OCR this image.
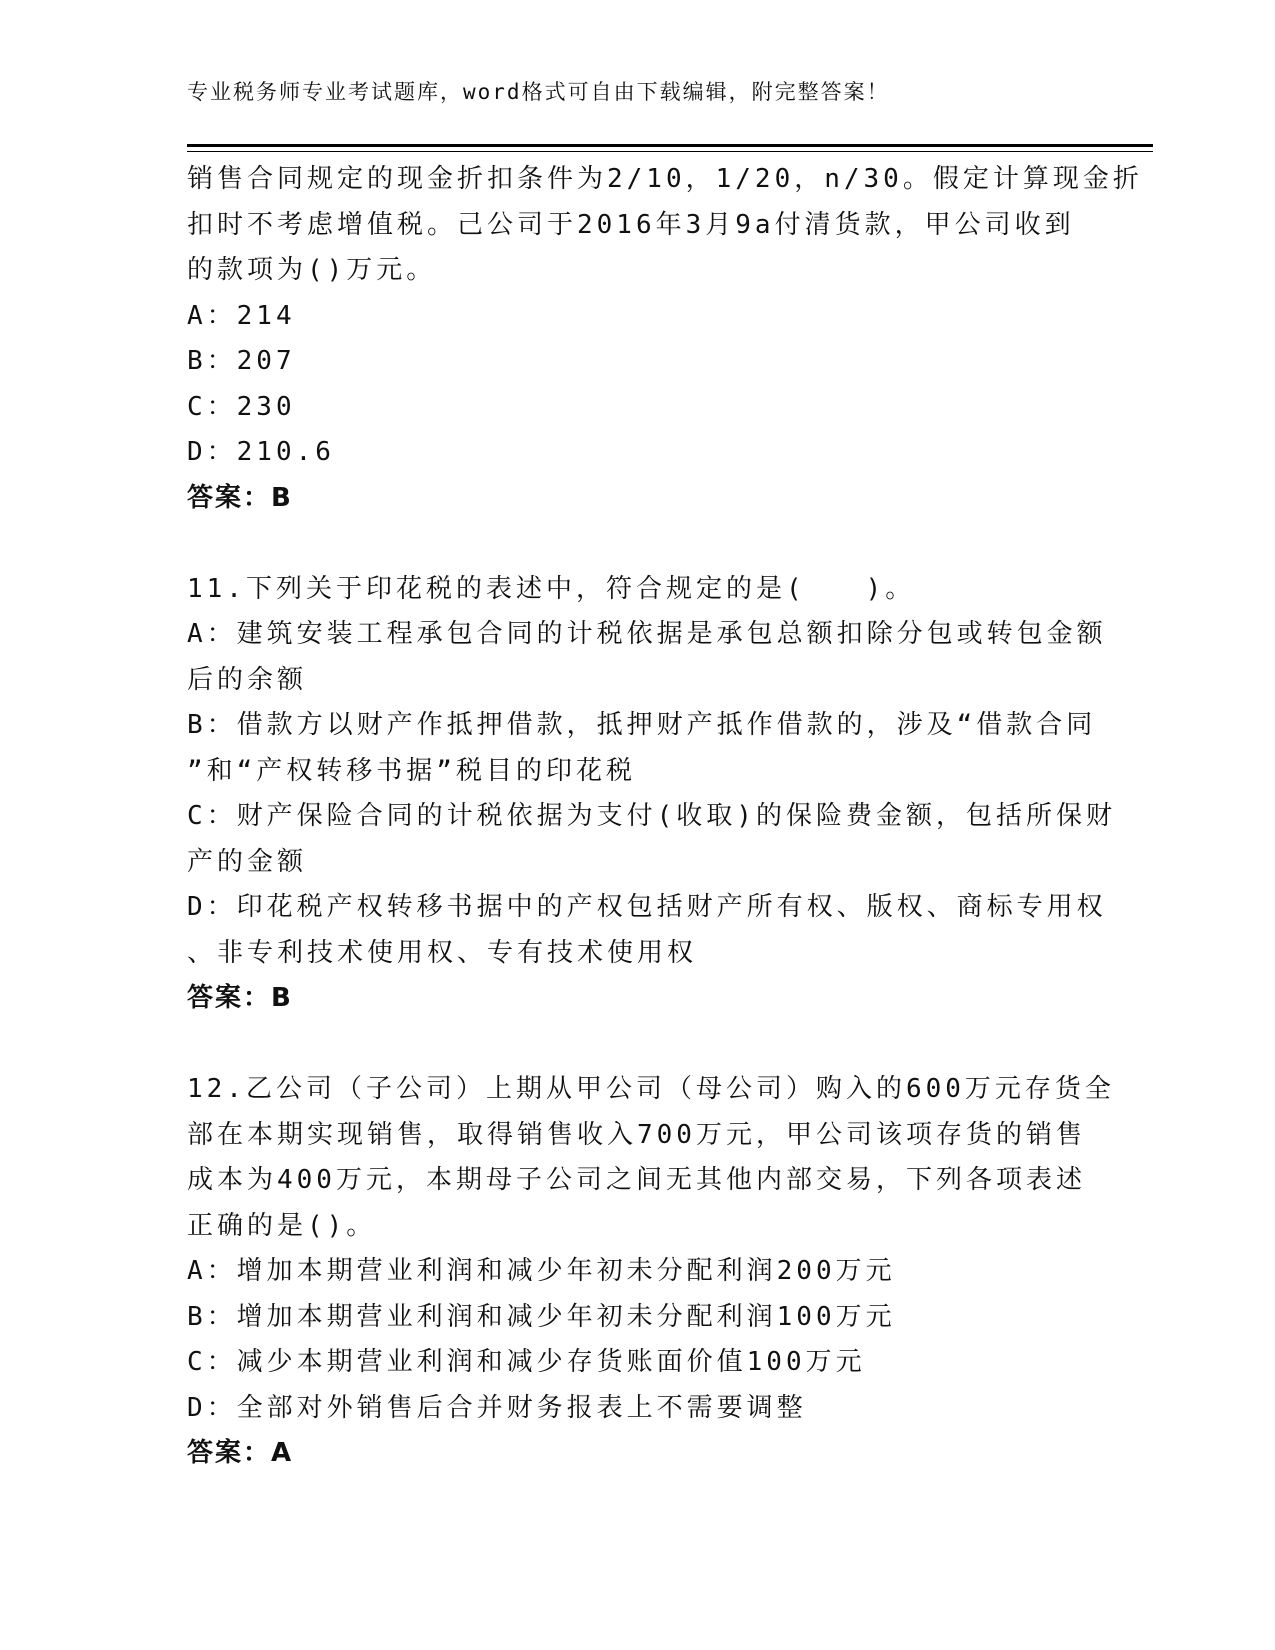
专业税务师专业考试题库，word格式可自由下载编辑，附完整答案！
销售合同规定的现金折扣条件为2/10，1/20，n/30。假定计算现金折
扣时不考虑增值税。己公司于2016年3月9a付清货款，甲公司收到
的款项为()万元。
A：214
B：207
C：230
D：210.6
答案：B
11.下列关于印花税的表述中，符合规定的是(　　)。
A：建筑安装工程承包合同的计税依据是承包总额扣除分包或转包金额
后的余额
B：借款方以财产作抵押借款，抵押财产抵作借款的，涉及“借款合同
”和“产权转移书据”税目的印花税
C：财产保险合同的计税依据为支付(收取)的保险费金额，包括所保财
产的金额
D：印花税产权转移书据中的产权包括财产所有权、版权、商标专用权
、非专利技术使用权、专有技术使用权
答案：B
12.乙公司（子公司）上期从甲公司（母公司）购入的600万元存货全
部在本期实现销售，取得销售收入700万元，甲公司该项存货的销售
成本为400万元，本期母子公司之间无其他内部交易，下列各项表述
正确的是()。
A：增加本期营业利润和减少年初未分配利润200万元
B：增加本期营业利润和减少年初未分配利润100万元
C：减少本期营业利润和减少存货账面价值100万元
D：全部对外销售后合并财务报表上不需要调整
答案：A
